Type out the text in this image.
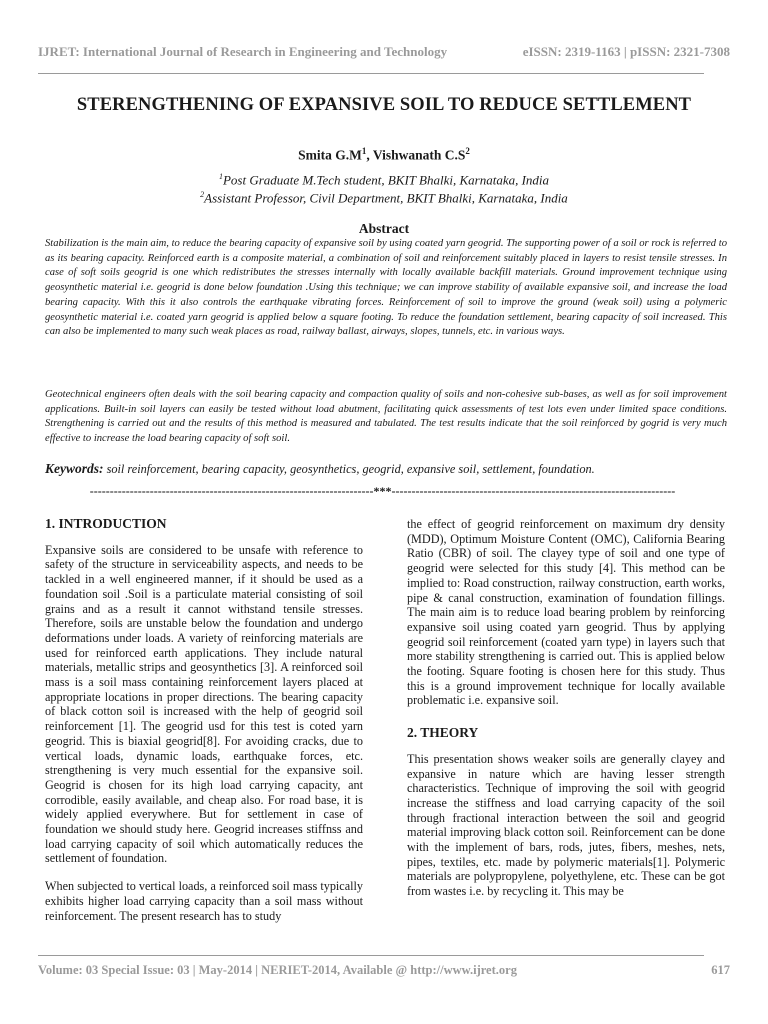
IJRET: International Journal of Research in Engineering and Technology	eISSN: 2319-1163 | pISSN: 2321-7308
STERENGTHENING OF EXPANSIVE SOIL TO REDUCE SETTLEMENT
Smita $G.M^1$, Vishwanath $C.S^2$
$^1$Post Graduate M.Tech student, BKIT Bhalki, Karnataka, India
$^2$Assistant Professor, Civil Department, BKIT Bhalki, Karnataka, India
Abstract

Stabilization is the main aim, to reduce the bearing capacity of expansive soil by using coated yarn geogrid. The supporting power of a soil or rock is referred to as its bearing capacity. Reinforced earth is a composite material, a combination of soil and reinforcement suitably placed in layers to resist tensile stresses. In case of soft soils geogrid is one which redistributes the stresses internally with locally available backfill materials. Ground improvement technique using geosynthetic material i.e. geogrid is done below foundation .Using this technique; we can improve stability of available expansive soil, and increase the load bearing capacity. With this it also controls the earthquake vibrating forces. Reinforcement of soil to improve the ground (weak soil) using a polymeric geosynthetic material i.e. coated yarn geogrid is applied below a square footing. To reduce the foundation settlement, bearing capacity of soil increased. This can also be implemented to many such weak places as road, railway ballast, airways, slopes, tunnels, etc. in various ways.

Geotechnical engineers often deals with the soil bearing capacity and compaction quality of soils and non-cohesive sub-bases, as well as for soil improvement applications. Built-in soil layers can easily be tested without load abutment, facilitating quick assessments of test lots even under limited space conditions. Strengthening is carried out and the results of this method is measured and tabulated. The test results indicate that the soil reinforced by gogrid is very much effective to increase the load bearing capacity of soft soil.

Keywords: soil reinforcement, bearing capacity, geosynthetics, geogrid, expansive soil, settlement, foundation.
-----------------------------------------------------------------------***-----------------------------------------------------------------------
1. INTRODUCTION

Expansive soils are considered to be unsafe with reference to safety of the structure in serviceability aspects, and needs to be tackled in a well engineered manner, if it should be used as a foundation soil .Soil is a particulate material consisting of soil grains and as a result it cannot withstand tensile stresses. Therefore, soils are unstable below the foundation and undergo deformations under loads. A variety of reinforcing materials are used for reinforced earth applications. They include natural materials, metallic strips and geosynthetics [3]. A reinforced soil mass is a soil mass containing reinforcement layers placed at appropriate locations in proper directions. The bearing capacity of black cotton soil is increased with the help of geogrid soil reinforcement [1]. The geogrid usd for this test is coted yarn geogrid. This is biaxial geogrid[8]. For avoiding cracks, due to vertical loads, dynamic loads, earthquake forces, etc. strengthening is very much essential for the expansive soil. Geogrid is chosen for its high load carrying capacity, ant corrodible, easily available, and cheap also. For road base, it is widely applied everywhere. But for settlement in case of foundation we should study here. Geogrid increases stiffnss and load carrying capacity of soil which automatically reduces the settlement of foundation.

When subjected to vertical loads, a reinforced soil mass typically exhibits higher load carrying capacity than a soil mass without reinforcement. The present research has to study

the effect of geogrid reinforcement on maximum dry density (MDD), Optimum Moisture Content (OMC), California Bearing Ratio (CBR) of soil. The clayey type of soil and one type of geogrid were selected for this study [4]. This method can be implied to: Road construction, railway construction, earth works, pipe & canal construction, examination of foundation fillings. The main aim is to reduce load bearing problem by reinforcing expansive soil using coated yarn geogrid. Thus by applying geogrid soil reinforcement (coated yarn type) in layers such that more stability strengthening is carried out. This is applied below the footing. Square footing is chosen here for this study. Thus this is a ground improvement technique for locally available problematic i.e. expansive soil.

2. THEORY

This presentation shows weaker soils are generally clayey and expansive in nature which are having lesser strength characteristics. Technique of improving the soil with geogrid increase the stiffness and load carrying capacity of the soil through fractional interaction between the soil and geogrid material improving black cotton soil. Reinforcement can be done with the implement of bars, rods, jutes, fibers, meshes, nets, pipes, textiles, etc. made by polymeric materials[1]. Polymeric materials are polypropylene, polyethylene, etc. These can be got from wastes i.e. by recycling it. This may be

Volume: 03 Special Issue: 03 | May-2014 | NERIET-2014, Available @ http://www.ijret.org	617
